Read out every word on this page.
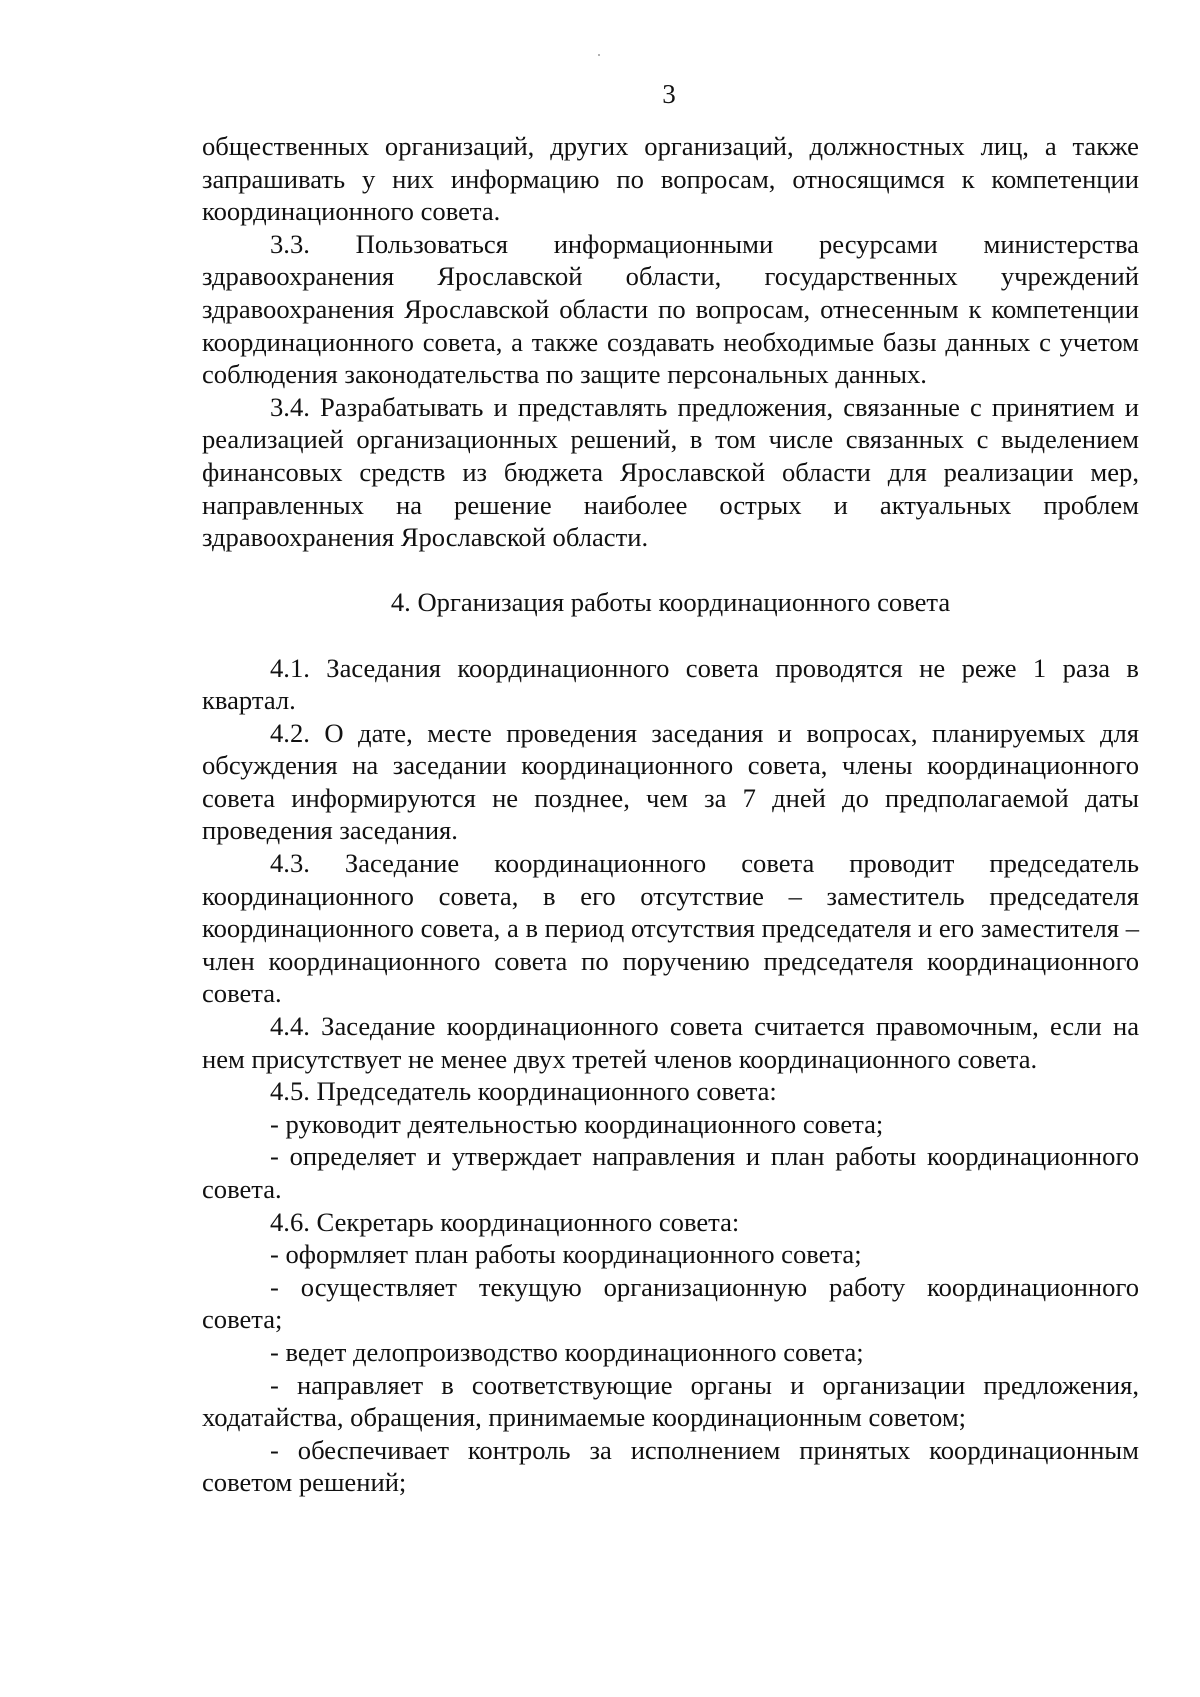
3

общественных организаций, других организаций, должностных лиц, а также запрашивать у них информацию по вопросам, относящимся к компетенции координационного совета.

3.3. Пользоваться информационными ресурсами министерства здравоохранения Ярославской области, государственных учреждений здравоохранения Ярославской области по вопросам, отнесенным к компетенции координационного совета, а также создавать необходимые базы данных с учетом соблюдения законодательства по защите персональных данных.

3.4. Разрабатывать и представлять предложения, связанные с принятием и реализацией организационных решений, в том числе связанных с выделением финансовых средств из бюджета Ярославской области для реализации мер, направленных на решение наиболее острых и актуальных проблем здравоохранения Ярославской области.

4. Организация работы координационного совета

4.1. Заседания координационного совета проводятся не реже 1 раза в квартал.

4.2. О дате, месте проведения заседания и вопросах, планируемых для обсуждения на заседании координационного совета, члены координационного совета информируются не позднее, чем за 7 дней до предполагаемой даты проведения заседания.

4.3. Заседание координационного совета проводит председатель координационного совета, в его отсутствие – заместитель председателя координационного совета, а в период отсутствия председателя и его заместителя – член координационного совета по поручению председателя координационного совета.

4.4. Заседание координационного совета считается правомочным, если на нем присутствует не менее двух третей членов координационного совета.

4.5. Председатель координационного совета:

- руководит деятельностью координационного совета;

- определяет и утверждает направления и план работы координационного совета.

4.6. Секретарь координационного совета:

- оформляет план работы координационного совета;

- осуществляет текущую организационную работу координационного совета;

- ведет делопроизводство координационного совета;

- направляет в соответствующие органы и организации предложения, ходатайства, обращения, принимаемые координационным советом;

- обеспечивает контроль за исполнением принятых координационным советом решений;
